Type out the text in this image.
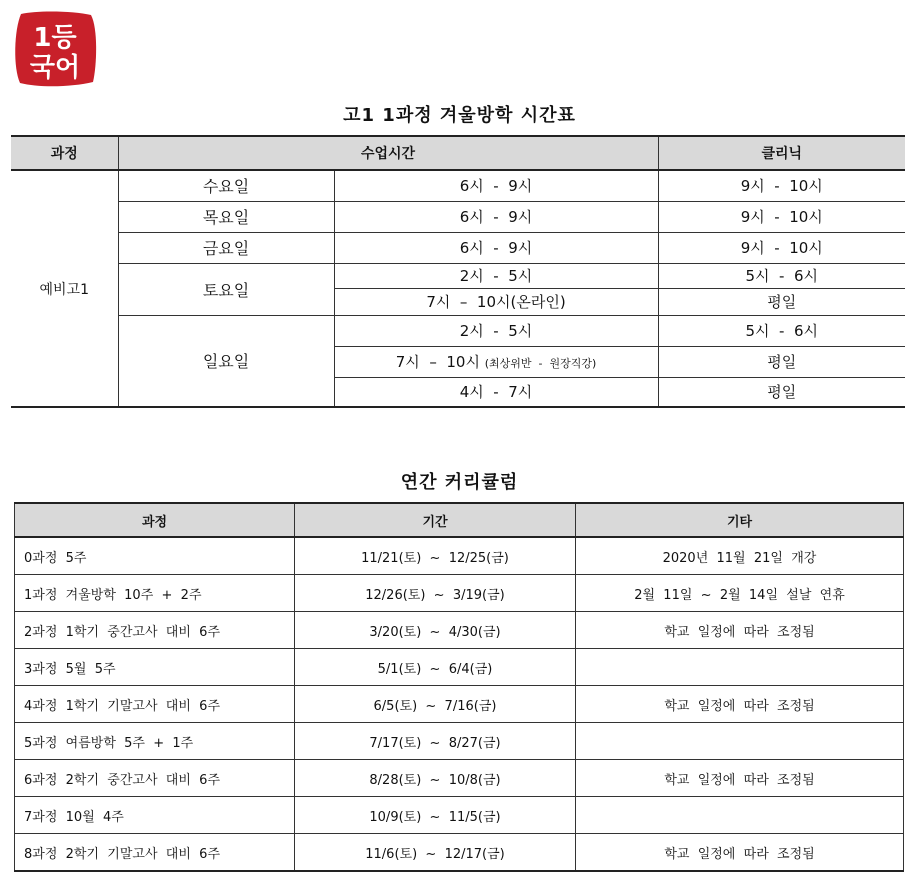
1등
국어
고1 1과정 겨울방학 시간표
과정	수업시간		클리닉
예비고1	수요일	6시  -  9시	9시  -  10시
	목요일	6시  -  9시	9시  -  10시
	금요일	6시  -  9시	9시  -  10시
	토요일	2시  -  5시	5시  -  6시
		7시  –  10시(온라인)	평일
	일요일	2시  -  5시	5시  -  6시
		7시  –  10시 (최상위반  -  원장직강)	평일
		4시  -  7시	평일
연간 커리큘럼
과정	기간	기타
0과정  5주	11/21(토)  ~  12/25(금)	2020년  11월  21일  개강
1과정  겨울방학  10주  +  2주	12/26(토)  ~  3/19(금)	2월  11일  ~  2월  14일  설날  연휴
2과정  1학기  중간고사  대비  6주	3/20(토)  ~  4/30(금)	학교  일정에  따라  조정됨
3과정  5월  5주	5/1(토)  ~  6/4(금)	
4과정  1학기  기말고사  대비  6주	6/5(토)  ~  7/16(금)	학교  일정에  따라  조정됨
5과정  여름방학  5주  +  1주	7/17(토)  ~  8/27(금)	
6과정  2학기  중간고사  대비  6주	8/28(토)  ~  10/8(금)	학교  일정에  따라  조정됨
7과정  10월  4주	10/9(토)  ~  11/5(금)	
8과정  2학기  기말고사  대비  6주	11/6(토)  ~  12/17(금)	학교  일정에  따라  조정됨
